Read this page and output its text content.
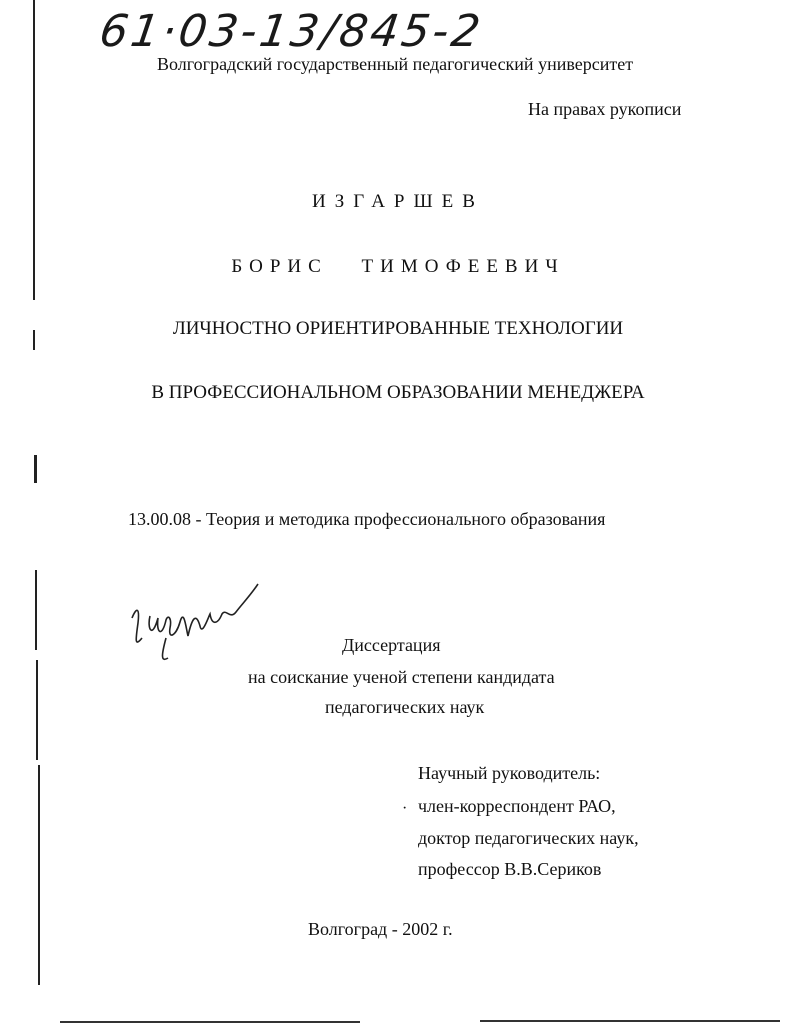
61·03-13/845-2
Волгоградский государственный педагогический университет
На правах рукописи
ИЗГАРШЕВ
БОРИС ТИМОФЕЕВИЧ
ЛИЧНОСТНО ОРИЕНТИРОВАННЫЕ ТЕХНОЛОГИИ
В ПРОФЕССИОНАЛЬНОМ ОБРАЗОВАНИИ МЕНЕДЖЕРА
13.00.08 - Теория и методика профессионального образования
Диссертация
на соискание ученой степени кандидата
педагогических наук
·
Научный руководитель:
член-корреспондент РАО,
доктор педагогических наук,
профессор В.В.Сериков
Волгоград - 2002 г.
